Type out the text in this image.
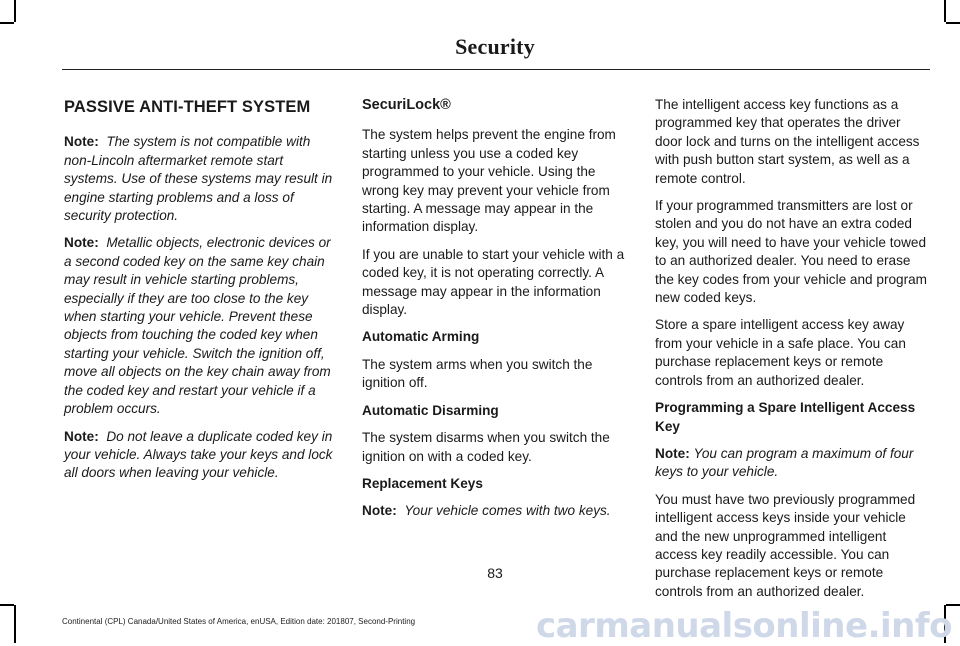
Security
PASSIVE ANTI-THEFT SYSTEM

Note: The system is not compatible with non-Lincoln aftermarket remote start systems. Use of these systems may result in engine starting problems and a loss of security protection.

Note: Metallic objects, electronic devices or a second coded key on the same key chain may result in vehicle starting problems, especially if they are too close to the key when starting your vehicle. Prevent these objects from touching the coded key when starting your vehicle. Switch the ignition off, move all objects on the key chain away from the coded key and restart your vehicle if a problem occurs.

Note: Do not leave a duplicate coded key in your vehicle. Always take your keys and lock all doors when leaving your vehicle.

SecuriLock®

The system helps prevent the engine from starting unless you use a coded key programmed to your vehicle. Using the wrong key may prevent your vehicle from starting. A message may appear in the information display.

If you are unable to start your vehicle with a coded key, it is not operating correctly. A message may appear in the information display.

Automatic Arming

The system arms when you switch the ignition off.

Automatic Disarming

The system disarms when you switch the ignition on with a coded key.

Replacement Keys

Note: Your vehicle comes with two keys.

The intelligent access key functions as a programmed key that operates the driver door lock and turns on the intelligent access with push button start system, as well as a remote control.

If your programmed transmitters are lost or stolen and you do not have an extra coded key, you will need to have your vehicle towed to an authorized dealer. You need to erase the key codes from your vehicle and program new coded keys.

Store a spare intelligent access key away from your vehicle in a safe place. You can purchase replacement keys or remote controls from an authorized dealer.

Programming a Spare Intelligent Access Key

Note: You can program a maximum of four keys to your vehicle.

You must have two previously programmed intelligent access keys inside your vehicle and the new unprogrammed intelligent access key readily accessible. You can purchase replacement keys or remote controls from an authorized dealer.

83
Continental (CPL) Canada/United States of America, enUSA, Edition date: 201807, Second-Printing	carmanualsonline.info
